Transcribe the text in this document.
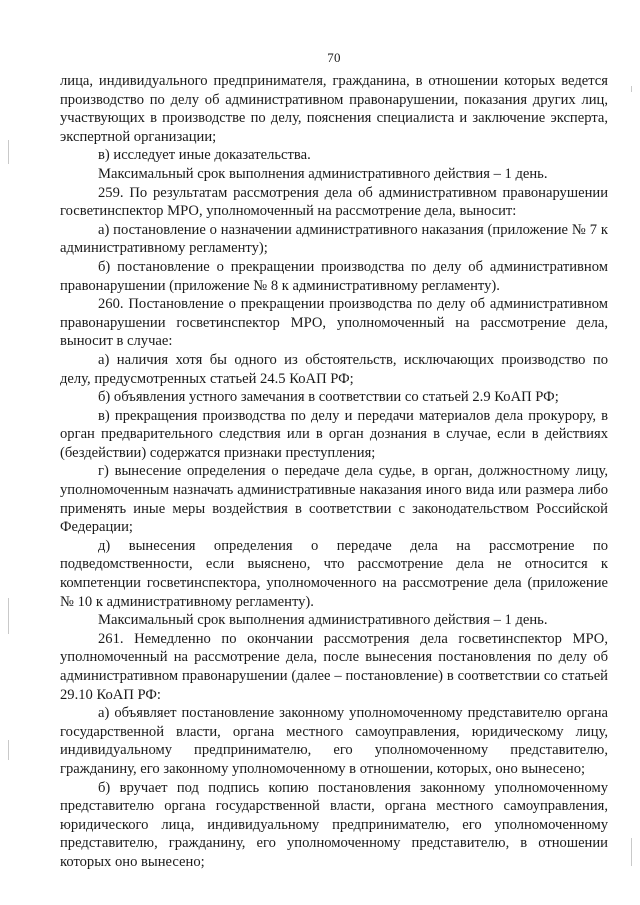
70

лица, индивидуального предпринимателя, гражданина, в отношении которых ведется производство по делу об административном правонарушении, показания других лиц, участвующих в производстве по делу, пояснения специалиста и заключение эксперта, экспертной организации;

в) исследует иные доказательства.

Максимальный срок выполнения административного действия – 1 день.

259. По результатам рассмотрения дела об административном правонарушении госветинспектор МРО, уполномоченный на рассмотрение дела, выносит:

а) постановление о назначении административного наказания (приложение № 7 к административному регламенту);

б) постановление о прекращении производства по делу об административном правонарушении (приложение № 8 к административному регламенту).

260. Постановление о прекращении производства по делу об административном правонарушении госветинспектор МРО, уполномоченный на рассмотрение дела, выносит в случае:

а) наличия хотя бы одного из обстоятельств, исключающих производство по делу, предусмотренных статьей 24.5 КоАП РФ;

б) объявления устного замечания в соответствии со статьей 2.9 КоАП РФ;

в) прекращения производства по делу и передачи материалов дела прокурору, в орган предварительного следствия или в орган дознания в случае, если в действиях (бездействии) содержатся признаки преступления;

г) вынесение определения о передаче дела судье, в орган, должностному лицу, уполномоченным назначать административные наказания иного вида или размера либо применять иные меры воздействия в соответствии с законодательством Российской Федерации;

д) вынесения определения о передаче дела на рассмотрение по подведомственности, если выяснено, что рассмотрение дела не относится к компетенции госветинспектора, уполномоченного на рассмотрение дела (приложение № 10 к административному регламенту).

Максимальный срок выполнения административного действия – 1 день.

261. Немедленно по окончании рассмотрения дела госветинспектор МРО, уполномоченный на рассмотрение дела, после вынесения постановления по делу об административном правонарушении (далее – постановление) в соответствии со статьей 29.10 КоАП РФ:

а) объявляет постановление законному уполномоченному представителю органа государственной власти, органа местного самоуправления, юридическому лицу, индивидуальному предпринимателю, его уполномоченному представителю, гражданину, его законному уполномоченному в отношении, которых, оно вынесено;

б) вручает под подпись копию постановления законному уполномоченному представителю органа государственной власти, органа местного самоуправления, юридического лица, индивидуальному предпринимателю, его уполномоченному представителю, гражданину, его уполномоченному представителю, в отношении которых оно вынесено;
